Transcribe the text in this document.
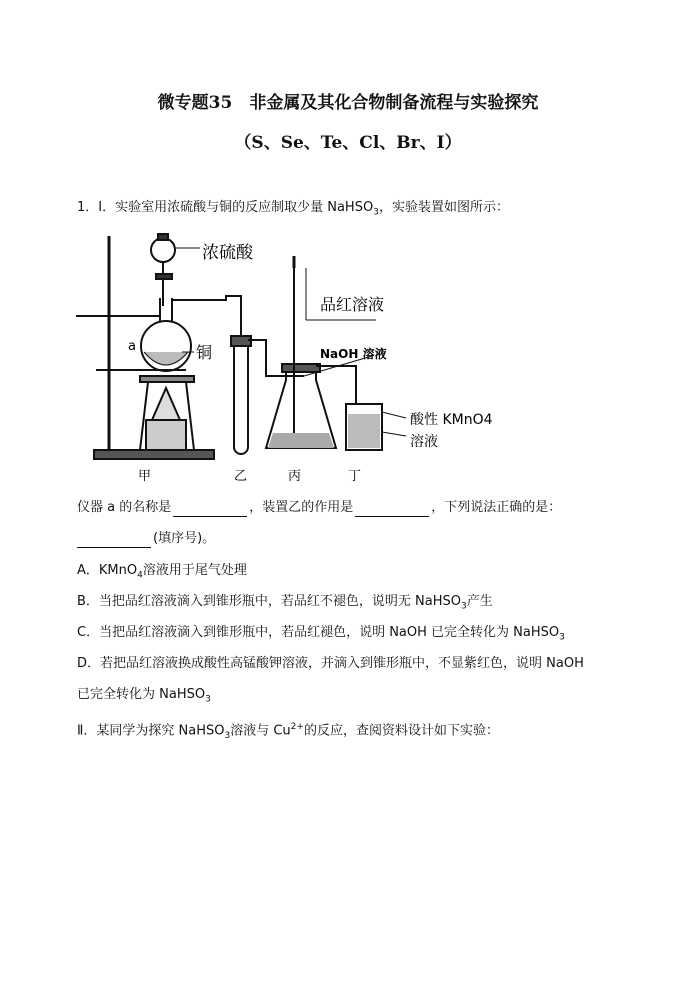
微专题35　非金属及其化合物制备流程与实验探究
（S、Se、Te、Cl、Br、I）
1．Ⅰ．实验室用浓硫酸与铜的反应制取少量 NaHSO$_3$，实验装置如图所示：
浓硫酸
品红溶液
NaOH 溶液
a	铜
酸性 KMnO4
溶液
甲	乙	丙	丁
仪器 a 的名称是	，装置乙的作用是	，下列说法正确的是：
(填序号)。
A．KMnO$_4$溶液用于尾气处理
B．当把品红溶液滴入到锥形瓶中，若品红不褪色，说明无 NaHSO$_3$产生
C．当把品红溶液滴入到锥形瓶中，若品红褪色，说明 NaOH 已完全转化为 NaHSO$_3$
D．若把品红溶液换成酸性高锰酸钾溶液，并滴入到锥形瓶中，不显紫红色，说明 NaOH
已完全转化为 NaHSO$_3$
Ⅱ．某同学为探究 NaHSO$_3$溶液与 $Cu^{2+}$的反应，查阅资料设计如下实验：
